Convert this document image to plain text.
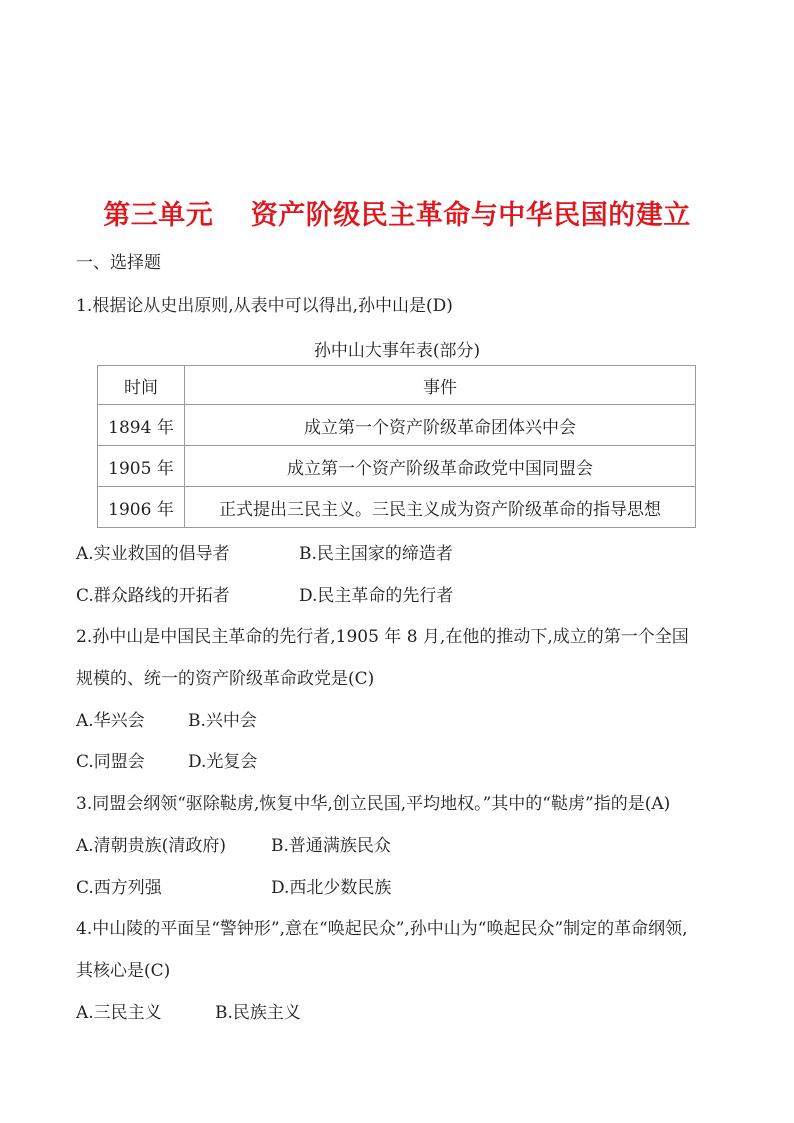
第三单元　 资产阶级民主革命与中华民国的建立
一、选择题
1.根据论从史出原则,从表中可以得出,孙中山是(D)
孙中山大事年表(部分)
时间	事件
1894 年	成立第一个资产阶级革命团体兴中会
1905 年	成立第一个资产阶级革命政党中国同盟会
1906 年	正式提出三民主义。三民主义成为资产阶级革命的指导思想
A.实业救国的倡导者	B.民主国家的缔造者
C.群众路线的开拓者	D.民主革命的先行者
2.孙中山是中国民主革命的先行者,1905 年 8 月,在他的推动下,成立的第一个全国
规模的、统一的资产阶级革命政党是(C)
A.华兴会	B.兴中会
C.同盟会	D.光复会
3.同盟会纲领“驱除鞑虏,恢复中华,创立民国,平均地权。”其中的“鞑虏”指的是(A)
A.清朝贵族(清政府)	B.普通满族民众
C.西方列强	D.西北少数民族
4.中山陵的平面呈“警钟形”,意在“唤起民众”,孙中山为“唤起民众”制定的革命纲领,
其核心是(C)
A.三民主义	B.民族主义
